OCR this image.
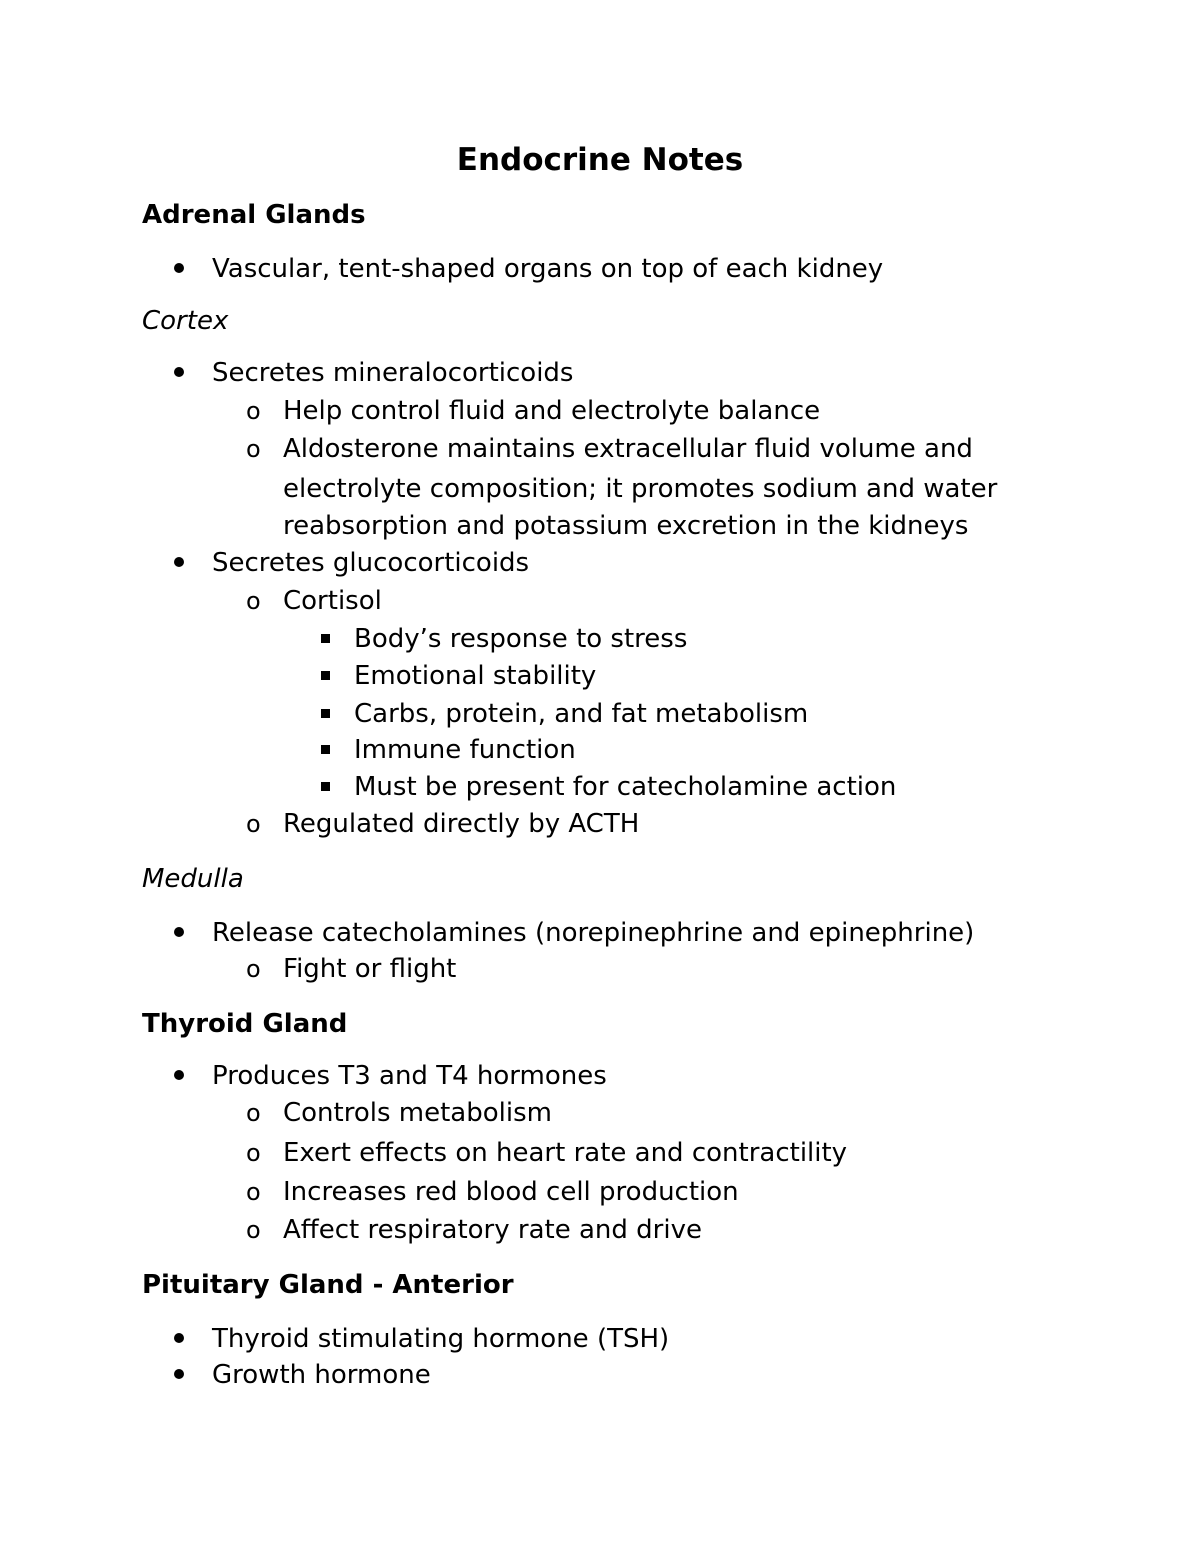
Endocrine Notes
Adrenal Glands
Vascular, tent-shaped organs on top of each kidney
Cortex
Secretes mineralocorticoids
o Help control fluid and electrolyte balance
o Aldosterone maintains extracellular fluid volume and
electrolyte composition; it promotes sodium and water
reabsorption and potassium excretion in the kidneys
Secretes glucocorticoids
o Cortisol
Body’s response to stress
Emotional stability
Carbs, protein, and fat metabolism
Immune function
Must be present for catecholamine action
o Regulated directly by ACTH
Medulla
Release catecholamines (norepinephrine and epinephrine)
o Fight or flight
Thyroid Gland
Produces T3 and T4 hormones
o Controls metabolism
o Exert effects on heart rate and contractility
o Increases red blood cell production
o Affect respiratory rate and drive
Pituitary Gland - Anterior
Thyroid stimulating hormone (TSH)
Growth hormone
